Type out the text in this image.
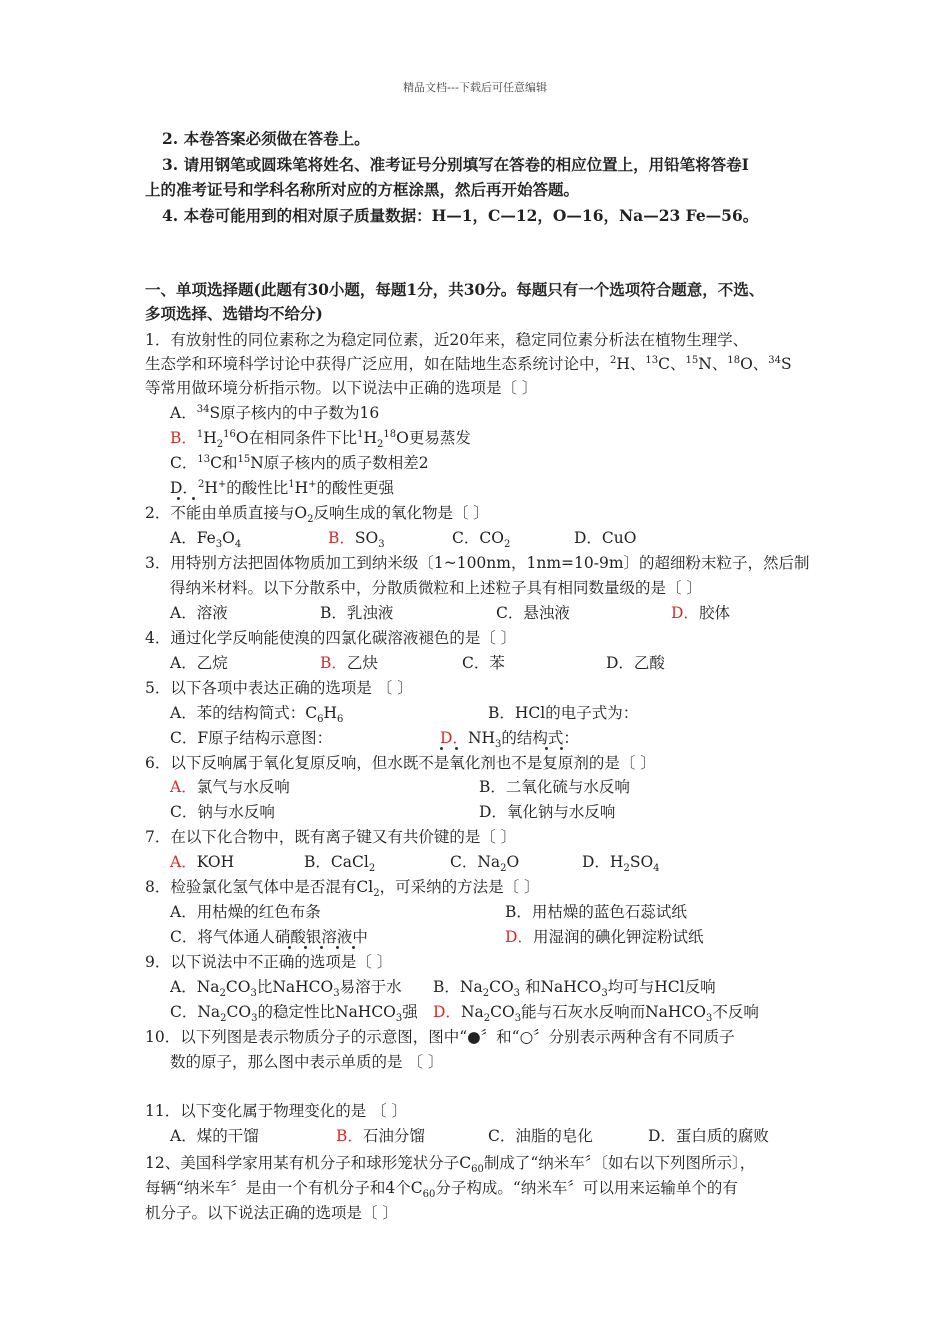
精品文档---下载后可任意编辑
2. 本卷答案必须做在答卷上。
3. 请用钢笔或圆珠笔将姓名、准考证号分别填写在答卷的相应位置上，用铅笔将答卷Ⅰ
上的准考证号和学科名称所对应的方框涂黑，然后再开始答题。
4. 本卷可能用到的相对原子质量数据：H—1，C—12，O—16，Na—23 Fe—56。
一、单项选择题(此题有30小题，每题1分，共30分。每题只有一个选项符合题意，不选、
多项选择、选错均不给分)
1．有放射性的同位素称之为稳定同位素，近20年来，稳定同位素分析法在植物生理学、
生态学和环境科学讨论中获得广泛应用，如在陆地生态系统讨论中，$^2$H、$^{13}$C、$^{15}$N、$^{18}$O、$^{34}$S
等常用做环境分析指示物。以下说法中正确的选项是〔 〕
A．$^{34}$S原子核内的中子数为16
B．$^1H_2^{16}O$在相同条件下比$^1H_2^{18}O$更易蒸发
C．$^{13}$C和$^{15}$N原子核内的质子数相差2
D．$^2$H+的酸性比$^1$H+的酸性更强
2．不能由单质直接与$O_2$反响生成的氧化物是〔 〕
A．$Fe_3O_4$	B．$SO_3$	C．$CO_2$	D．CuO
3．用特别方法把固体物质加工到纳米级〔1~100nm，1nm=10-9m〕的超细粉末粒子，然后制
得纳米材料。以下分散系中，分散质微粒和上述粒子具有相同数量级的是〔 〕
A．溶液	B．乳浊液	C．悬浊液	D．胶体
4．通过化学反响能使溴的四氯化碳溶液褪色的是〔 〕
A．乙烷	B．乙炔	C．苯	D．乙酸
5．以下各项中表达正确的选项是 〔 〕
A．苯的结构简式：$C_6H_6$	B．HCl的电子式为：
C．F原子结构示意图：	D．$NH_3$的结构式：
6．以下反响属于氧化复原反响，但水既不是氧化剂也不是复原剂的是〔 〕
A．氯气与水反响	B．二氧化硫与水反响
C．钠与水反响	D．氧化钠与水反响
7．在以下化合物中，既有离子键又有共价键的是〔 〕
A．KOH	B．CaCl$_2$	C．$Na_2O$	D．$H_2SO_4$
8．检验氯化氢气体中是否混有$Cl_2$，可采纳的方法是〔 〕
A．用枯燥的红色布条	B．用枯燥的蓝色石蕊试纸
C．将气体通人硝酸银溶液中	D．用湿润的碘化钾淀粉试纸
9．以下说法中不正确的选项是〔 〕
A．$Na_2CO_3$比NaHCO$_3$易溶于水 B．$Na_2CO_3$ 和NaHCO$_3$均可与HCl反响
C．$Na_2CO_3$的稳定性比NaHCO$_3$强 D．$Na_2CO_3$能与石灰水反响而NaHCO$_3$不反响
10．以下列图是表示物质分子的示意图，图中“●〞和“○〞分别表示两种含有不同质子
数的原子，那么图中表示单质的是 〔 〕
11．以下变化属于物理变化的是 〔 〕
A．煤的干馏	B．石油分馏	C．油脂的皂化	D．蛋白质的腐败
12、美国科学家用某有机分子和球形笼状分子$C_{60}$制成了“纳米车〞〔如右以下列图所示〕，
每辆“纳米车〞是由一个有机分子和4个$C_{60}$分子构成。“纳米车〞可以用来运输单个的有
机分子。以下说法正确的选项是〔 〕
